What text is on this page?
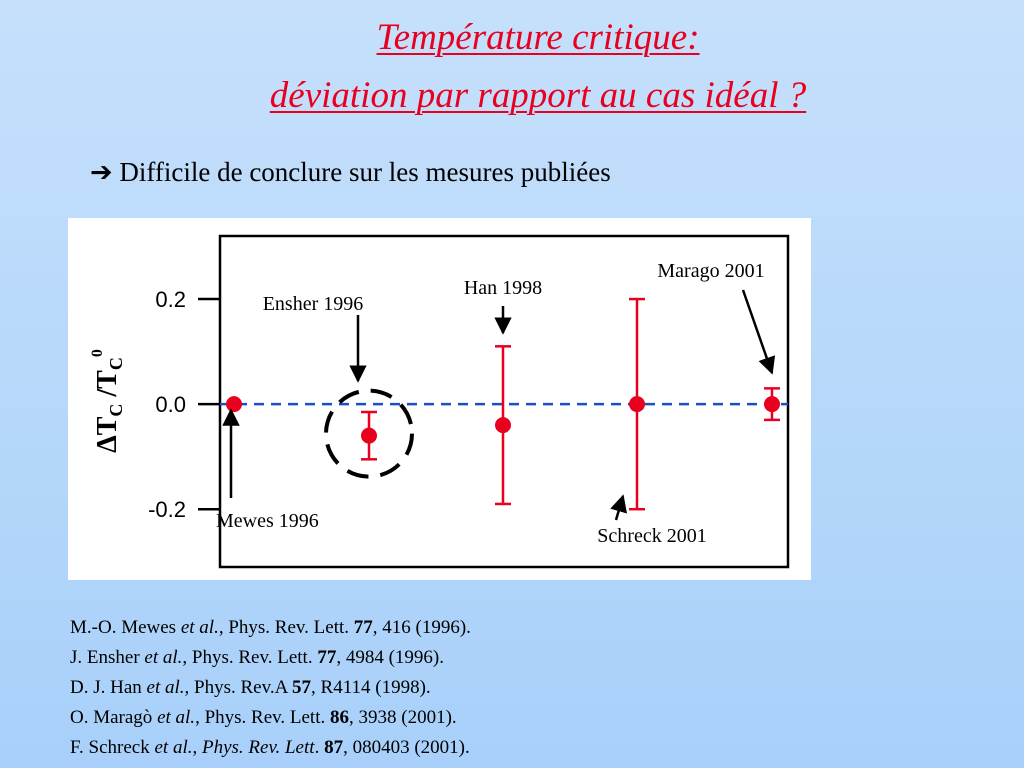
Température critique:
déviation par rapport au cas idéal ?
➔ Difficile de conclure sur les mesures publiées
0.2
0.0
-0.2
$\Delta T_C$ $/T_C^0$
Mewes 1996
Ensher 1996
Han 1998
Schreck 2001
Marago 2001
M.-O. Mewes et al., Phys. Rev. Lett. 77, 416 (1996).
J. Ensher et al., Phys. Rev. Lett. 77, 4984 (1996).
D. J. Han et al., Phys. Rev.A 57, R4114 (1998).
O. Maragò et al., Phys. Rev. Lett. 86, 3938 (2001).
F. Schreck et al., Phys. Rev. Lett. 87, 080403 (2001).
